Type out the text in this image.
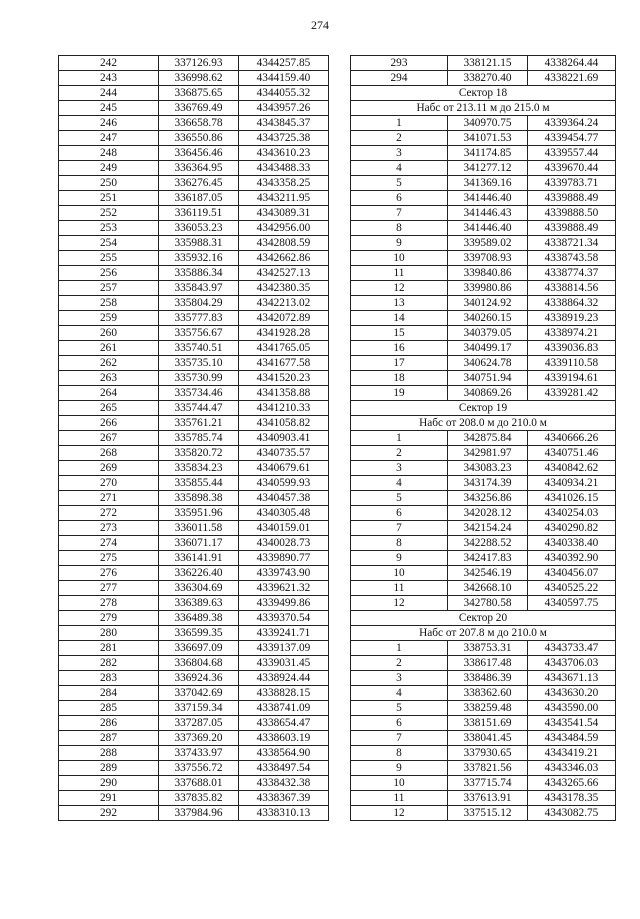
274
242	337126.93	4344257.85
243	336998.62	4344159.40
244	336875.65	4344055.32
245	336769.49	4343957.26
246	336658.78	4343845.37
247	336550.86	4343725.38
248	336456.46	4343610.23
249	336364.95	4343488.33
250	336276.45	4343358.25
251	336187.05	4343211.95
252	336119.51	4343089.31
253	336053.23	4342956.00
254	335988.31	4342808.59
255	335932.16	4342662.86
256	335886.34	4342527.13
257	335843.97	4342380.35
258	335804.29	4342213.02
259	335777.83	4342072.89
260	335756.67	4341928.28
261	335740.51	4341765.05
262	335735.10	4341677.58
263	335730.99	4341520.23
264	335734.46	4341358.88
265	335744.47	4341210.33
266	335761.21	4341058.82
267	335785.74	4340903.41
268	335820.72	4340735.57
269	335834.23	4340679.61
270	335855.44	4340599.93
271	335898.38	4340457.38
272	335951.96	4340305.48
273	336011.58	4340159.01
274	336071.17	4340028.73
275	336141.91	4339890.77
276	336226.40	4339743.90
277	336304.69	4339621.32
278	336389.63	4339499.86
279	336489.38	4339370.54
280	336599.35	4339241.71
281	336697.09	4339137.09
282	336804.68	4339031.45
283	336924.36	4338924.44
284	337042.69	4338828.15
285	337159.34	4338741.09
286	337287.05	4338654.47
287	337369.20	4338603.19
288	337433.97	4338564.90
289	337556.72	4338497.54
290	337688.01	4338432.38
291	337835.82	4338367.39
292	337984.96	4338310.13
293	338121.15	4338264.44
294	338270.40	4338221.69
Сектор 18		
Набс от 213.11 м до 215.0 м		
1	340970.75	4339364.24
2	341071.53	4339454.77
3	341174.85	4339557.44
4	341277.12	4339670.44
5	341369.16	4339783.71
6	341446.40	4339888.49
7	341446.43	4339888.50
8	341446.40	4339888.49
9	339589.02	4338721.34
10	339708.93	4338743.58
11	339840.86	4338774.37
12	339980.86	4338814.56
13	340124.92	4338864.32
14	340260.15	4338919.23
15	340379.05	4338974.21
16	340499.17	4339036.83
17	340624.78	4339110.58
18	340751.94	4339194.61
19	340869.26	4339281.42
Сектор 19		
Набс от 208.0 м до 210.0 м		
1	342875.84	4340666.26
2	342981.97	4340751.46
3	343083.23	4340842.62
4	343174.39	4340934.21
5	343256.86	4341026.15
6	342028.12	4340254.03
7	342154.24	4340290.82
8	342288.52	4340338.40
9	342417.83	4340392.90
10	342546.19	4340456.07
11	342668.10	4340525.22
12	342780.58	4340597.75
Сектор 20		
Набс от 207.8 м до 210.0 м		
1	338753.31	4343733.47
2	338617.48	4343706.03
3	338486.39	4343671.13
4	338362.60	4343630.20
5	338259.48	4343590.00
6	338151.69	4343541.54
7	338041.45	4343484.59
8	337930.65	4343419.21
9	337821.56	4343346.03
10	337715.74	4343265.66
11	337613.91	4343178.35
12	337515.12	4343082.75
